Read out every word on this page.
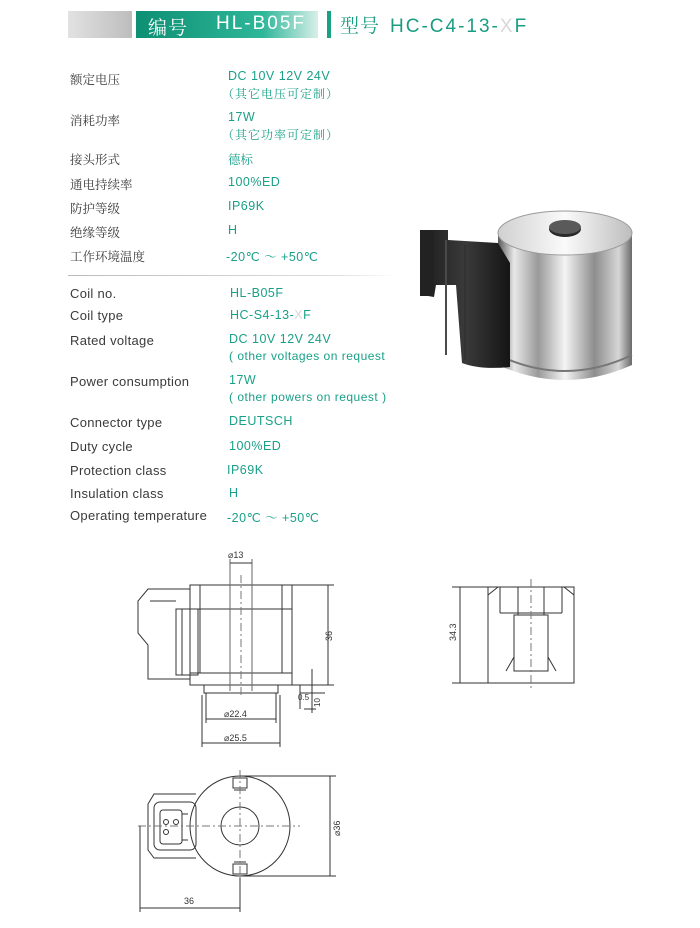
编号 HL-B05F 型号 HC-C4-13-XF
额定电压	DC 10V 12V 24V
（其它电压可定制）
消耗功率	17W
（其它功率可定制）
接头形式	德标
通电持续率	100%ED
防护等级	IP69K
绝缘等级	H
工作环境温度	-20℃ ～ +50℃
Coil no.	HL-B05F
Coil type	HC-S4-13-XF
Rated voltage	DC 10V 12V 24V
( other voltages on request
Power consumption	17W
( other powers on request )
Connector type	DEUTSCH
Duty cycle	100%ED
Protection class	IP69K
Insulation class	H
Operating temperature -20℃ ～ +50℃
⌀13
36
0.5
10
⌀22.4
⌀25.5
34.3
⌀36
36
